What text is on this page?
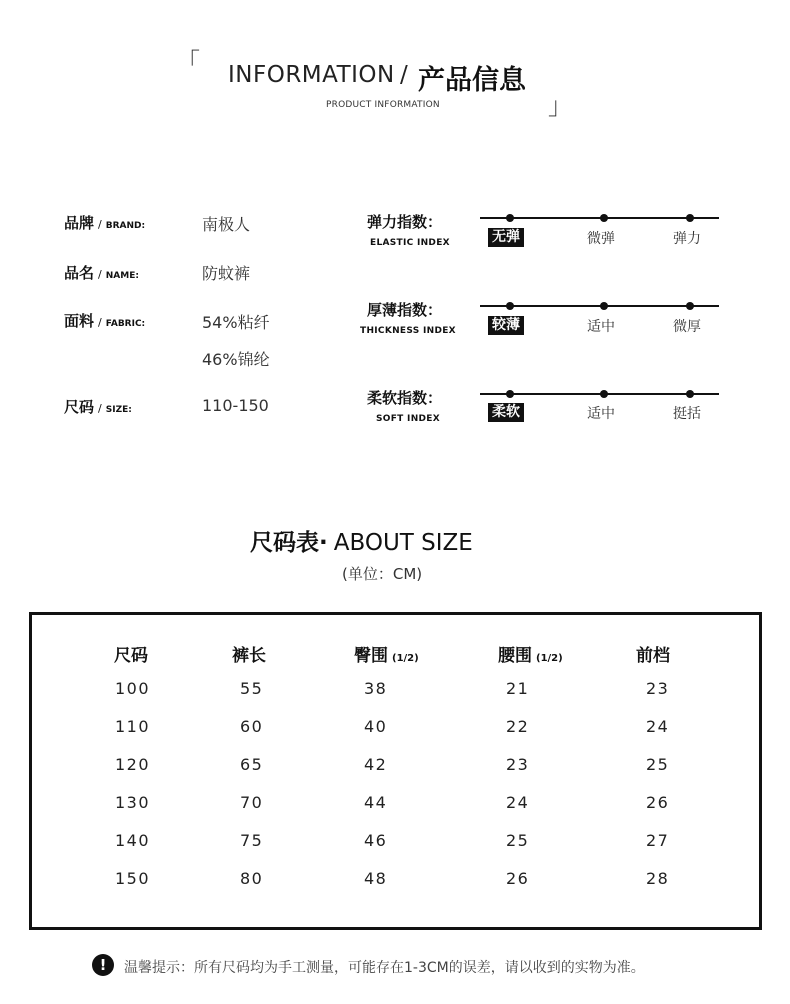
「 INFORMATION / 产品信息
PRODUCT INFORMATION	」
品牌 / BRAND:	南极人
品名 / NAME:	防蚊裤
面料 / FABRIC:	54%粘纤
46%锦纶
尺码 / SIZE:	110-150
弹力指数：
ELASTIC INDEX	无弹	微弹	弹力
厚薄指数：
THICKNESS INDEX	较薄	适中	微厚
柔软指数：
SOFT INDEX	柔软	适中	挺括
尺码表· ABOUT SIZE
(单位：CM)
尺码	裤长	臀围 (1/2)	腰围 (1/2)	前档
100	55	38	21	23
110	60	40	22	24
120	65	42	23	25
130	70	44	24	26
140	75	46	25	27
150	80	48	26	28
!	温馨提示：所有尺码均为手工测量，可能存在1-3CM的误差，请以收到的实物为准。
